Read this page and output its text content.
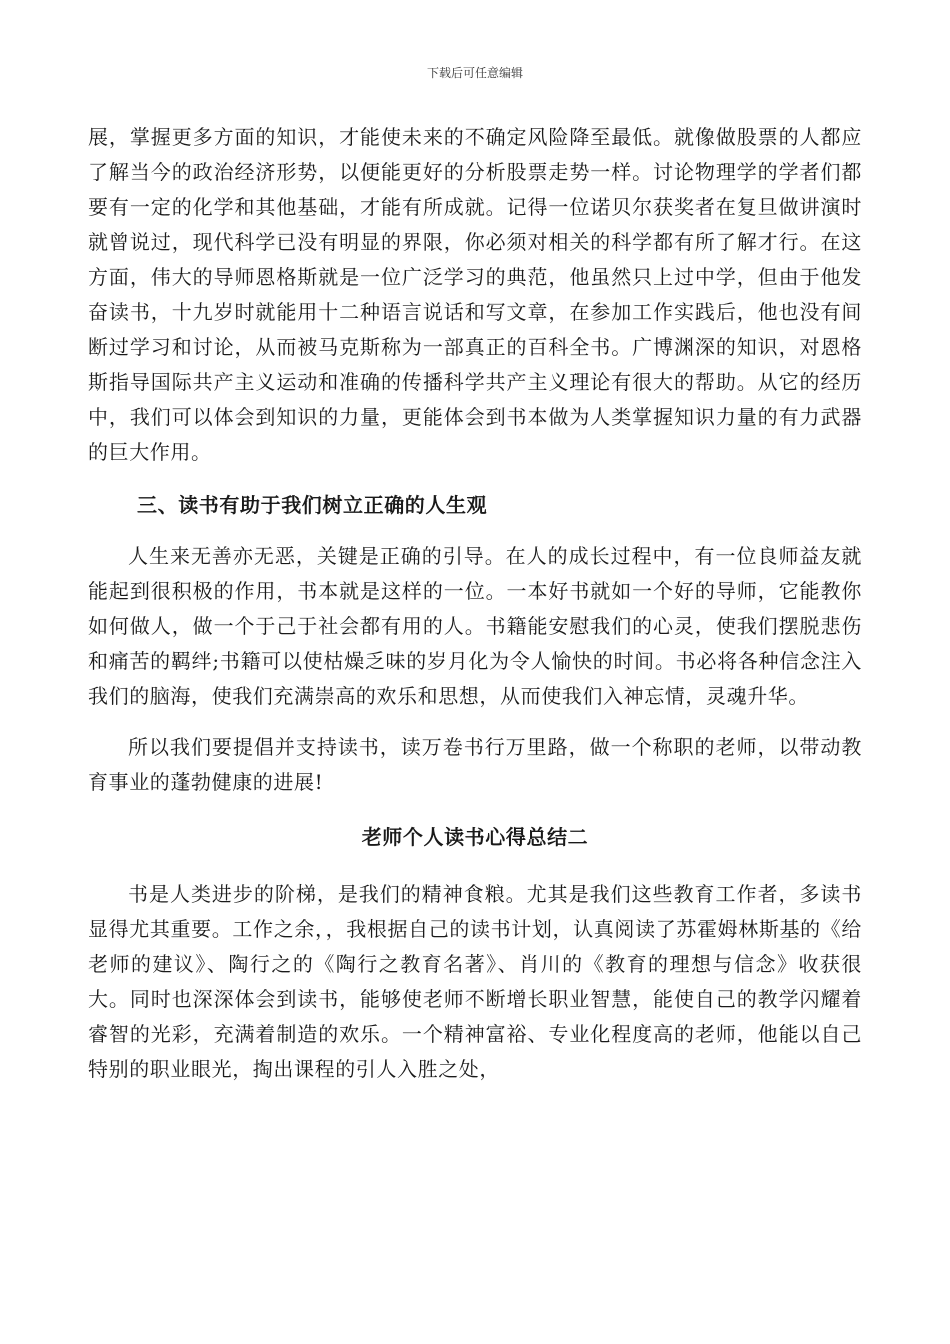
下载后可任意编辑

展，掌握更多方面的知识，才能使未来的不确定风险降至最低。就像做股票的人都应了解当今的政治经济形势，以便能更好的分析股票走势一样。讨论物理学的学者们都要有一定的化学和其他基础，才能有所成就。记得一位诺贝尔获奖者在复旦做讲演时就曾说过，现代科学已没有明显的界限，你必须对相关的科学都有所了解才行。在这方面，伟大的导师恩格斯就是一位广泛学习的典范，他虽然只上过中学，但由于他发奋读书，十九岁时就能用十二种语言说话和写文章，在参加工作实践后，他也没有间断过学习和讨论，从而被马克斯称为一部真正的百科全书。广博渊深的知识，对恩格斯指导国际共产主义运动和准确的传播科学共产主义理论有很大的帮助。从它的经历中，我们可以体会到知识的力量，更能体会到书本做为人类掌握知识力量的有力武器的巨大作用。

三、读书有助于我们树立正确的人生观

人生来无善亦无恶，关键是正确的引导。在人的成长过程中，有一位良师益友就能起到很积极的作用，书本就是这样的一位。一本好书就如一个好的导师，它能教你如何做人，做一个于己于社会都有用的人。书籍能安慰我们的心灵，使我们摆脱悲伤和痛苦的羁绊;书籍可以使枯燥乏味的岁月化为令人愉快的时间。书必将各种信念注入我们的脑海，使我们充满崇高的欢乐和思想，从而使我们入神忘情，灵魂升华。

所以我们要提倡并支持读书，读万卷书行万里路，做一个称职的老师，以带动教育事业的蓬勃健康的进展!

老师个人读书心得总结二

书是人类进步的阶梯，是我们的精神食粮。尤其是我们这些教育工作者，多读书显得尤其重要。工作之余，，我根据自己的读书计划，认真阅读了苏霍姆林斯基的《给老师的建议》、陶行之的《陶行之教育名著》、肖川的《教育的理想与信念》收获很大。同时也深深体会到读书，能够使老师不断增长职业智慧，能使自己的教学闪耀着睿智的光彩，充满着制造的欢乐。一个精神富裕、专业化程度高的老师，他能以自己特别的职业眼光，掏出课程的引人入胜之处，
